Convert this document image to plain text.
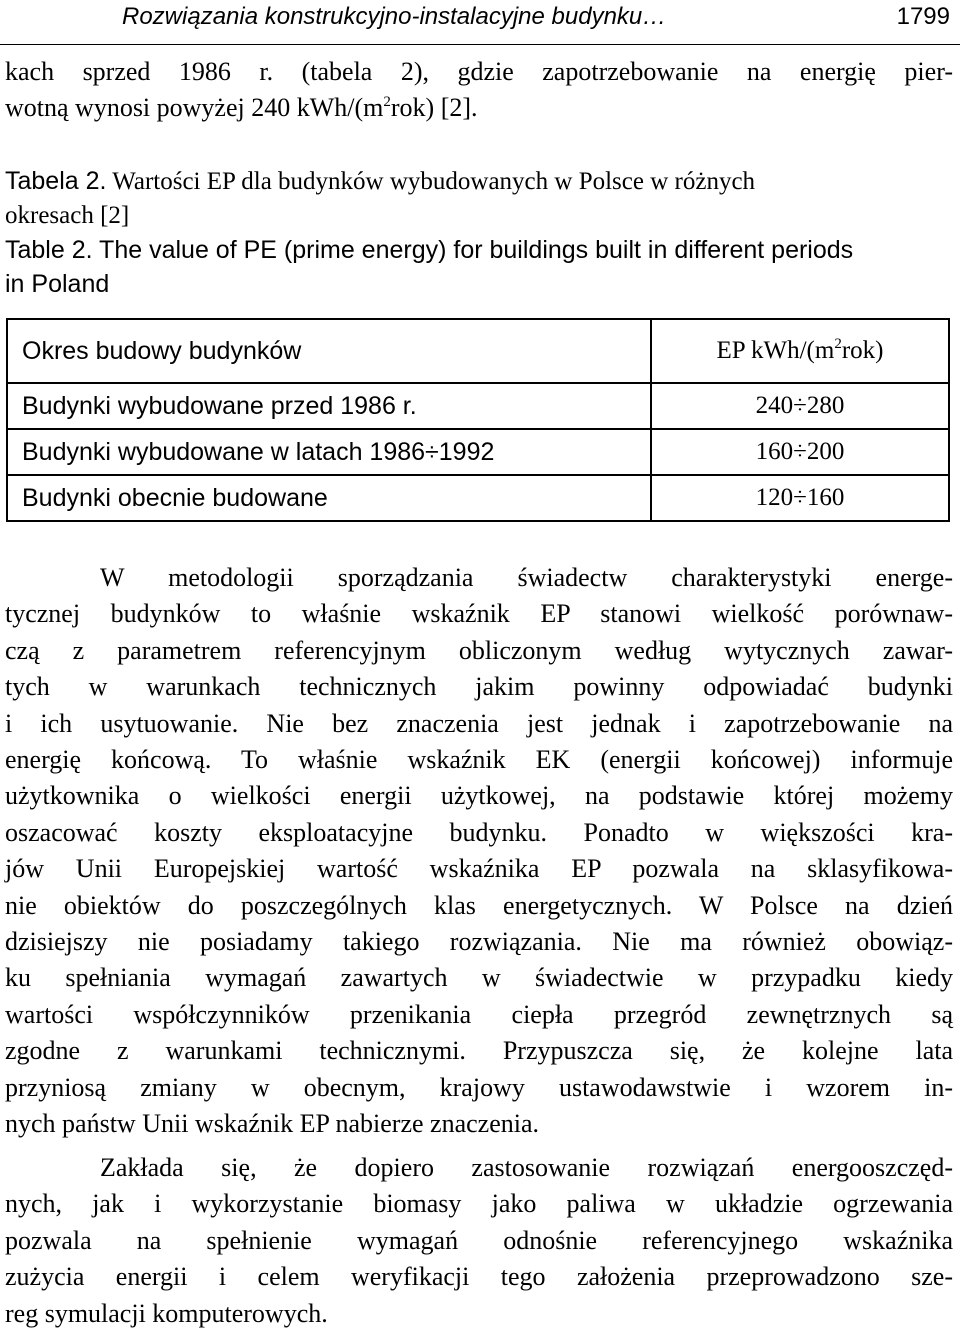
Rozwiązania konstrukcyjno-instalacyjne budynku…	1799
kach sprzed 1986 r. (tabela 2), gdzie zapotrzebowanie na energię pier-
wotną wynosi powyżej 240 kWh/$(m^2rok)$ [2].
Tabela 2. Wartości EP dla budynków wybudowanych w Polsce w różnych
okresach [2]
Table 2. The value of PE (prime energy) for buildings built in different periods
in Poland
Okres budowy budynków	EP kWh/$(m^2rok)$
Budynki wybudowane przed 1986 r.	240÷280
Budynki wybudowane w latach 1986÷1992	160÷200
Budynki obecnie budowane	120÷160
W metodologii sporządzania świadectw charakterystyki energe-
tycznej budynków to właśnie wskaźnik EP stanowi wielkość porównaw-
czą z parametrem referencyjnym obliczonym według wytycznych zawar-
tych w warunkach technicznych jakim powinny odpowiadać budynki
i ich usytuowanie. Nie bez znaczenia jest jednak i zapotrzebowanie na
energię końcową. To właśnie wskaźnik EK (energii końcowej) informuje
użytkownika o wielkości energii użytkowej, na podstawie której możemy
oszacować koszty eksploatacyjne budynku. Ponadto w większości kra-
jów Unii Europejskiej wartość wskaźnika EP pozwala na sklasyfikowa-
nie obiektów do poszczególnych klas energetycznych. W Polsce na dzień
dzisiejszy nie posiadamy takiego rozwiązania. Nie ma również obowiąz-
ku spełniania wymagań zawartych w świadectwie w przypadku kiedy
wartości współczynników przenikania ciepła przegród zewnętrznych są
zgodne z warunkami technicznymi. Przypuszcza się, że kolejne lata
przyniosą zmiany w obecnym, krajowy ustawodawstwie i wzorem in-
nych państw Unii wskaźnik EP nabierze znaczenia.
Zakłada się, że dopiero zastosowanie rozwiązań energooszczęd-
nych, jak i wykorzystanie biomasy jako paliwa w układzie ogrzewania
pozwala na spełnienie wymagań odnośnie referencyjnego wskaźnika
zużycia energii i celem weryfikacji tego założenia przeprowadzono sze-
reg symulacji komputerowych.
